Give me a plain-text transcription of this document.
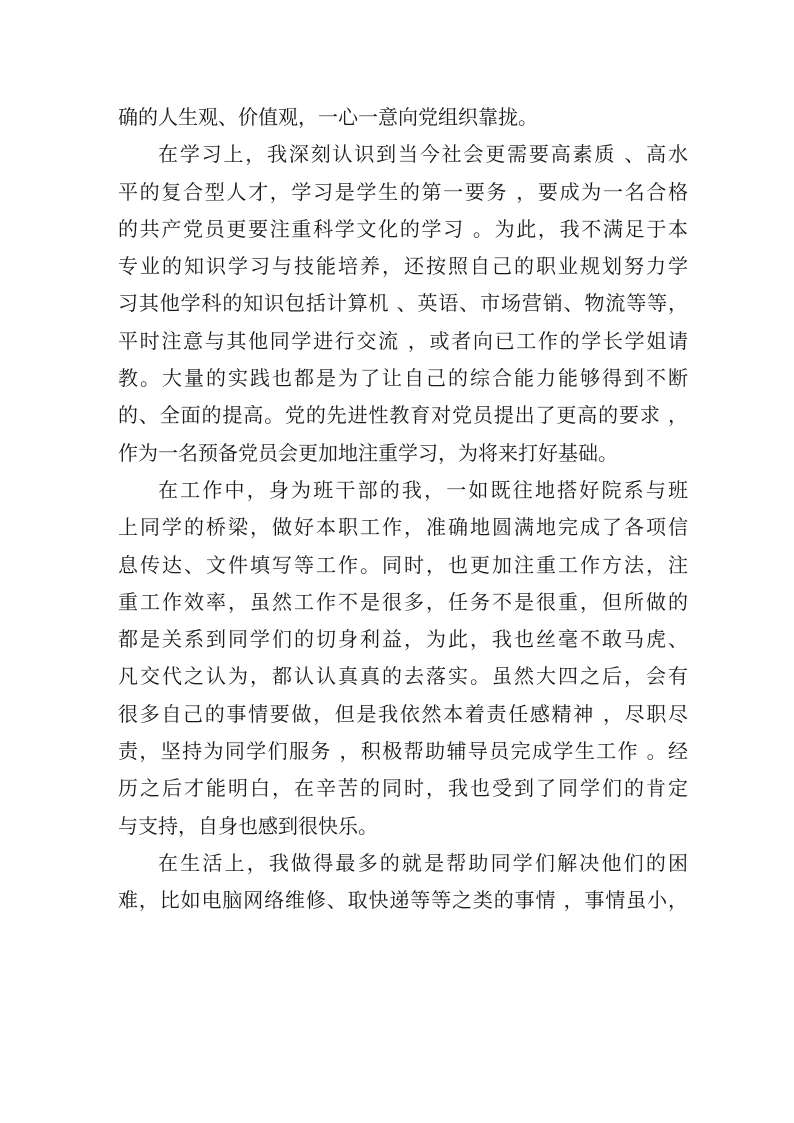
确的人生观、价值观，一心一意向党组织靠拢。
在学习上，我深刻认识到当今社会更需要高素质 、高水
平的复合型人才，学习是学生的第一要务 ，要成为一名合格
的共产党员更要注重科学文化的学习 。为此，我不满足于本
专业的知识学习与技能培养，还按照自己的职业规划努力学
习其他学科的知识包括计算机 、英语、市场营销、物流等等，
平时注意与其他同学进行交流 ，或者向已工作的学长学姐请
教。大量的实践也都是为了让自己的综合能力能够得到不断
的、全面的提高。党的先进性教育对党员提出了更高的要求 ，
作为一名预备党员会更加地注重学习，为将来打好基础。
在工作中，身为班干部的我，一如既往地搭好院系与班
上同学的桥梁，做好本职工作，准确地圆满地完成了各项信
息传达、文件填写等工作。同时，也更加注重工作方法，注
重工作效率，虽然工作不是很多，任务不是很重，但所做的
都是关系到同学们的切身利益，为此，我也丝毫不敢马虎、
凡交代之认为，都认认真真的去落实。虽然大四之后，会有
很多自己的事情要做，但是我依然本着责任感精神 ，尽职尽
责，坚持为同学们服务 ，积极帮助辅导员完成学生工作 。经
历之后才能明白，在辛苦的同时，我也受到了同学们的肯定
与支持，自身也感到很快乐。
在生活上，我做得最多的就是帮助同学们解决他们的困
难，比如电脑网络维修、取快递等等之类的事情 ，事情虽小，
